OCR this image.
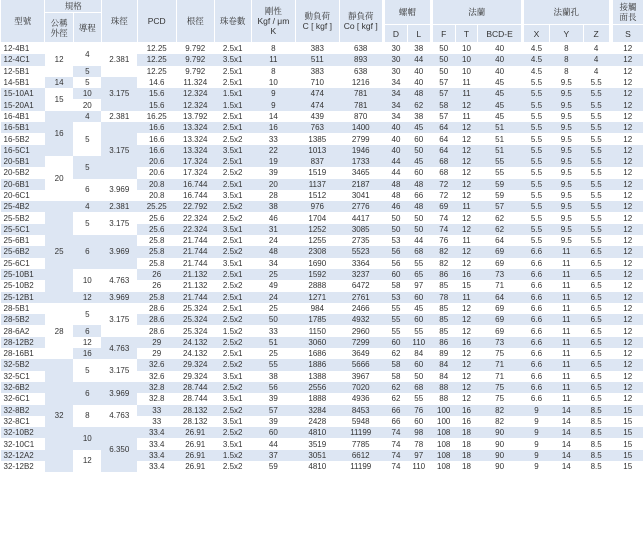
型號	規格		珠徑	PCD	根徑	珠卷數	剛性
Kgf / μm
K	動負荷
C [ kgf ]	靜負荷
Co [ kgf ]		螺帽			法蘭				法蘭孔				接觸
面長
	公稱
外徑	導程																				
											D	L		F	T	BCD-E		X	Y	Z		S
12-4B1	12	4	2.381	12.25	9.792	2.5x1	8	383	638		30	38		50	10	40		4.5	8	4		12
12-4C1				12.25	9.792	3.5x1	11	511	893		30	44		50	10	40		4.5	8	4		12
12-5B1		5		12.25	9.792	2.5x1	8	383	638		30	40		50	10	40		4.5	8	4		12
14-5B1	14	5	3.175	14.6	11.324	2.5x1	10	710	1216		34	40		57	11	45		5.5	9.5	5.5		12
15-10A1	15	10		15.6	12.324	1.5x1	9	474	781		34	48		57	11	45		5.5	9.5	5.5		12
15-20A1		20		15.6	12.324	1.5x1	9	474	781		34	62		58	12	45		5.5	9.5	5.5		12
16-4B1	16	4	2.381	16.25	13.792	2.5x1	14	439	870		34	38		57	11	45		5.5	9.5	5.5		12
16-5B1		5	3.175	16.6	13.324	2.5x1	16	763	1400		40	45		64	12	51		5.5	9.5	5.5		12
16-5B2				16.6	13.324	2.5x2	33	1385	2799		40	60		64	12	51		5.5	9.5	5.5		12
16-5C1				16.6	13.324	3.5x1	22	1013	1946		40	50		64	12	51		5.5	9.5	5.5		12
20-5B1	20	5		20.6	17.324	2.5x1	19	837	1733		44	45		68	12	55		5.5	9.5	5.5		12
20-5B2				20.6	17.324	2.5x2	39	1519	3465		44	60		68	12	55		5.5	9.5	5.5		12
20-6B1		6	3.969	20.8	16.744	2.5x1	20	1137	2187		48	48		72	12	59		5.5	9.5	5.5		12
20-6C1				20.8	16.744	3.5x1	28	1512	3041		48	66		72	12	59		5.5	9.5	5.5		12
25-4B2	25	4	2.381	25.25	22.792	2.5x2	38	976	2776		46	48		69	11	57		5.5	9.5	5.5		12
25-5B2		5	3.175	25.6	22.324	2.5x2	46	1704	4417		50	50		74	12	62		5.5	9.5	5.5		12
25-5C1				25.6	22.324	3.5x1	31	1252	3085		50	50		74	12	62		5.5	9.5	5.5		12
25-6B1		6	3.969	25.8	21.744	2.5x1	24	1255	2735		53	44		76	11	64		5.5	9.5	5.5		12
25-6B2				25.8	21.744	2.5x2	48	2308	5523		56	68		82	12	69		6.6	11	6.5		12
25-6C1				25.8	21.744	3.5x1	34	1690	3364		56	55		82	12	69		6.6	11	6.5		12
25-10B1		10	4.763	26	21.132	2.5x1	25	1592	3237		60	65		86	16	73		6.6	11	6.5		12
25-10B2				26	21.132	2.5x2	49	2888	6472		58	97		85	15	71		6.6	11	6.5		12
25-12B1		12	3.969	25.8	21.744	2.5x1	24	1271	2761		53	60		78	11	64		6.6	11	6.5		12
28-5B1	28	5	3.175	28.6	25.324	2.5x1	25	984	2466		55	45		85	12	69		6.6	11	6.5		12
28-5B2				28.6	25.324	2.5x2	50	1785	4932		55	60		85	12	69		6.6	11	6.5		12
28-6A2		6		28.6	25.324	1.5x2	33	1150	2960		55	55		85	12	69		6.6	11	6.5		12
28-12B2		12	4.763	29	24.132	2.5x2	51	3060	7299		60	110		86	16	73		6.6	11	6.5		12
28-16B1		16		29	24.132	2.5x1	25	1686	3649		62	84		89	12	75		6.6	11	6.5		12
32-5B2	32	5	3.175	32.6	29.324	2.5x2	55	1886	5666		58	60		84	12	71		6.6	11	6.5		12
32-5C1				32.6	29.324	3.5x1	38	1388	3967		58	50		84	12	71		6.6	11	6.5		12
32-6B2		6	3.969	32.8	28.744	2.5x2	56	2556	7020		62	68		88	12	75		6.6	11	6.5		12
32-6C1				32.8	28.744	3.5x1	39	1888	4936		62	55		88	12	75		6.6	11	6.5		12
32-8B2		8	4.763	33	28.132	2.5x2	57	3284	8453		66	76		100	16	82		9	14	8.5		15
32-8C1				33	28.132	3.5x1	39	2428	5948		66	60		100	16	82		9	14	8.5		15
32-10B2		10	6.350	33.4	26.91	2.5x2	60	4810	11199		74	98		108	18	90		9	14	8.5		15
32-10C1				33.4	26.91	3.5x1	44	3519	7785		74	78		108	18	90		9	14	8.5		15
32-12A2		12		33.4	26.91	1.5x2	37	3051	6612		74	97		108	18	90		9	14	8.5		15
32-12B2				33.4	26.91	2.5x2	59	4810	11199		74	110		108	18	90		9	14	8.5		15
